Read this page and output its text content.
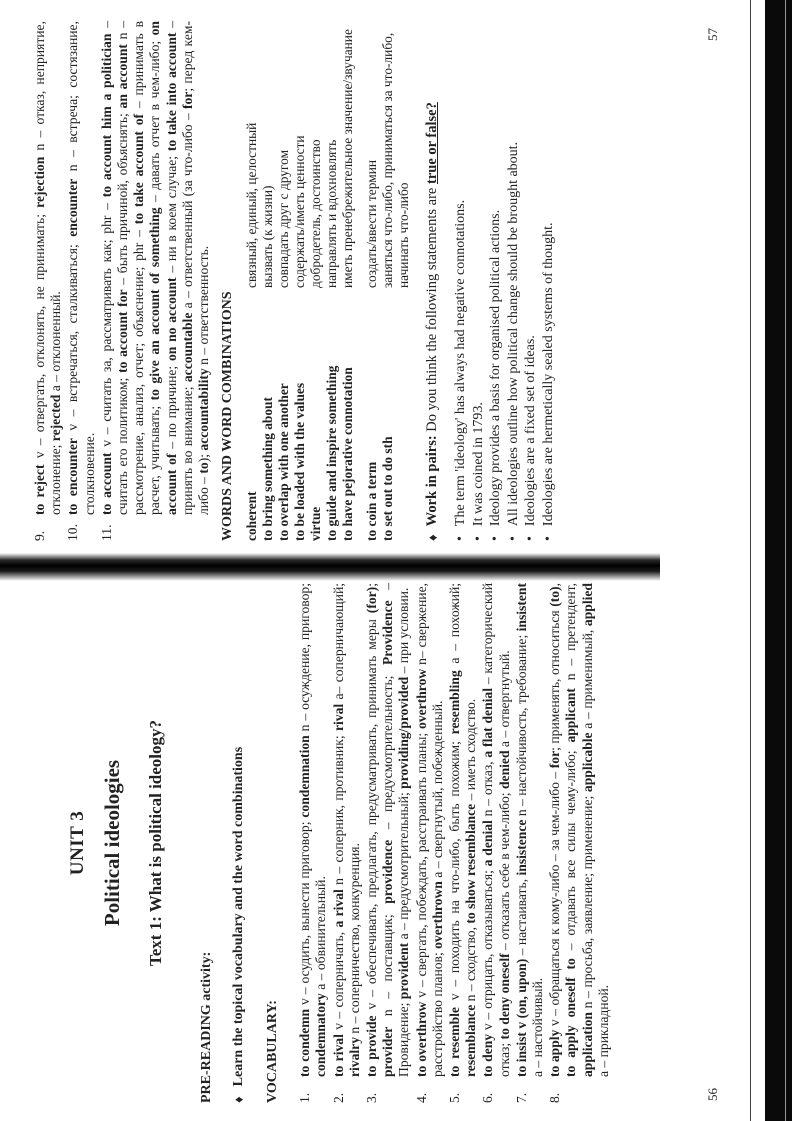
UNIT 3 Political ideologies Text 1: What is political ideology?
PRE-READING activity: ♦
Learn the topical vocabulary and the word combinations VOCABULARY: 1.
to condemn v – осудить, вынести приговор; condemnation n – осуждение, приговор; condemnatory a – обвинительный.
2.
to rival v – соперничать, a rival n – соперник, противник; rival a– соперничающий; rivalry n – соперничество, конкуренция.
3.
to provide v – обеспечивать, предлагать, предусматривать, принимать меры (for); provider n – поставщик; providence – предусмотрительность; Providence – Провидение; provident a – предусмотрительный; providing/provided – при условии.
4.
to overthrow v – свергать, побеждать, расстраивать планы; overthrow n– свержение, расстройство планов; overthrown a – свергнутый, побежденный.
5.
to resemble v – походить на что-либо, быть похожим; resembling a – похожий; resemblance n – сходство, to show resemblance – иметь сходство.
6.
to deny v – отрицать, отказываться; a denial n – отказ, a flat denial – категорический отказ; to deny oneself – отказать себе в чем-либо; denied a – отвергнутый.
7.
to insist v (on, upon) – настаивать, insistence n – настойчивость, требование; insistent a – настойчивый.
8.
to apply v – обращаться к кому-либо – за чем-либо – for; применять, относиться (to), to apply oneself to – отдавать все силы чему-либо; applicant n – претендент, application n – просьба, заявление; применение; applicable a – применимый, applied a – прикладной.
56
9.
to reject v – отвергать, отклонять, не принимать; rejection n – отказ, неприятие, отклонение; rejected a – отклоненный.
10.
to encounter v – встречаться, сталкиваться; encounter n – встреча; состязание, столкновение.
11.
to account v – считать за, рассматривать как; phr – to account him a politician – считать его политиком; to account for – быть причиной, объяснять; an account n – рассмотрение, анализ, отчет; объяснение; phr – to take account of – принимать в расчет, учитывать; to give an account of something – давать отчет в чем-либо; on account of – по причине; on no account – ни в коем случае; to take into account – принять во внимание; accountable a – ответственный (за что-либо – for; перед кем-либо – to); accountability n – ответственность. WORDS AND WORD COMBINATIONS coherent
связный, единый, целостный
to bring something about
вызвать (к жизни)
to overlap with one another
совпадать друг с другом
to be loaded with the values
содержать/иметь ценности
virtue
добродетель, достоинство
to guide and inspire something
направлять и вдохновлять
to have pejorative connotation
иметь пренебрежительное значение/звучание
to coin a term
создать/ввести термин
to set out to do sth
заняться что-либо, приниматься за что-либо, начинать что-либо
♦
Work in pairs: Do you think the following statements are true or false?
•
The term 'ideology' has always had negative connotations.
•
It was coined in 1793.
•
Ideology provides a basis for organised political actions.
•
All ideologies outline how political change should be brought about.
•
Ideologies are a fixed set of ideas.
•
Ideologies are hermetically sealed systems of thought.
57
